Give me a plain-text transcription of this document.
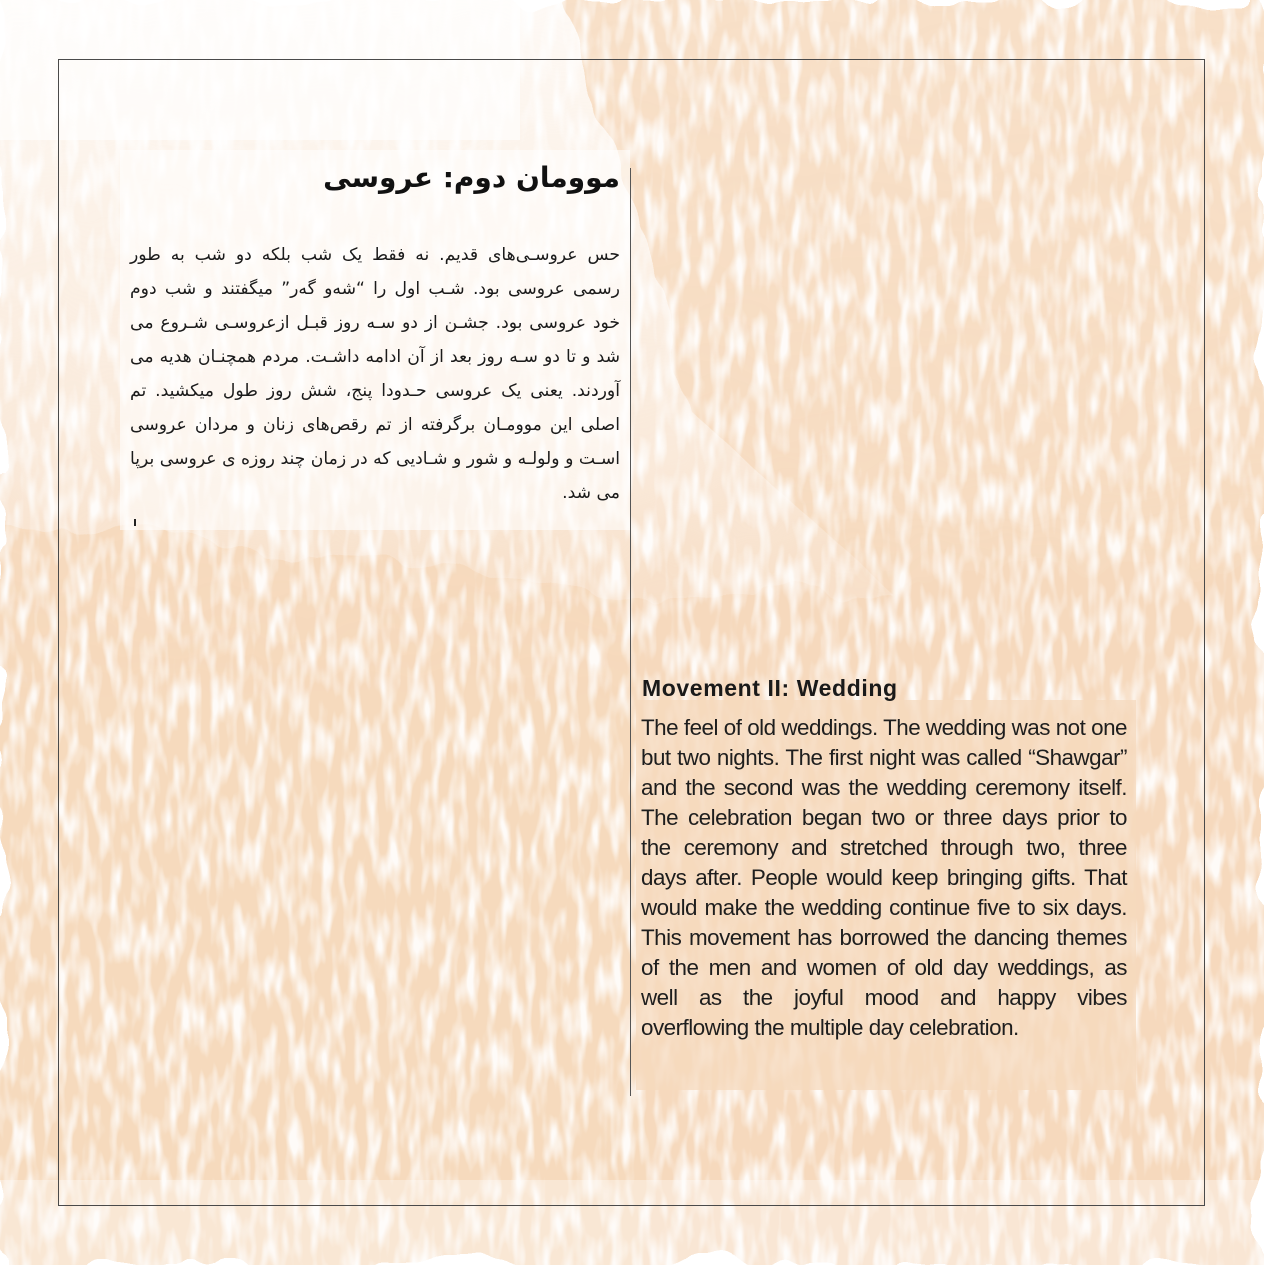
موومان دوم: عروسی

حس عروسـی‌های قدیم. نه فقط یک شب بلکه دو شب به طور رسمی عروسی بود. شـب اول را “شه‌و گه‌ر” میگفتند و شب دوم خود عروسی بود. جشـن از دو سـه روز قبـل ازعروسـی شـروع می شد و تا دو سـه روز بعد از آن ادامه داشـت. مردم همچنـان هدیه می آوردند. یعنی یک عروسی حـدودا پنج، شش روز طول میکشید. تم اصلی این موومـان برگرفته از تم رقص‌های زنان و مردان عروسی اسـت و ولولـه و شور و شـادیی که در زمان چند روزه ی عروسی برپا می شد.

Movement II: Wedding

The feel of old weddings. The wedding was not one but two nights. The first night was called “Shawgar” and the second was the wedding ceremony itself. The celebration began two or three days prior to the ceremony and stretched through two, three days after. People would keep bringing gifts. That would make the wedding continue five to six days. This movement has borrowed the dancing themes of the men and women of old day weddings, as well as the joyful mood and happy vibes overflowing the multiple day celebration.
